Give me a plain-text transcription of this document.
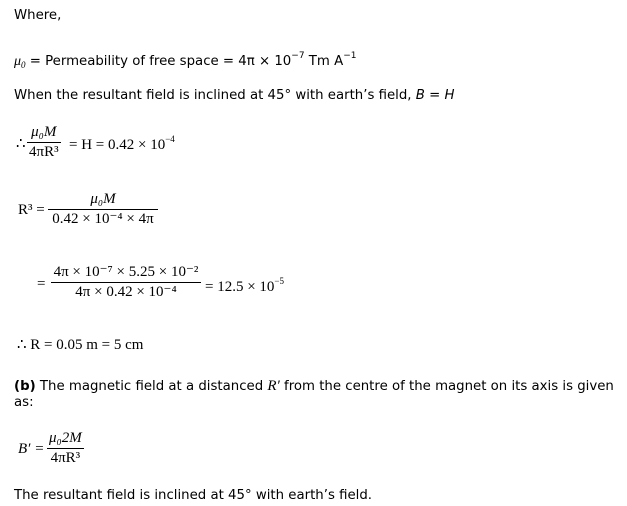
Where,
$\mu_0$ = Permeability of free space = $4\pi \times 10^{-7}$ Tm $A^{-1}$
When the resultant field is inclined at 45° with earth’s field, B = H
∴ $\frac{\text{μ₀M}}{\text{4πR³}} = H = 0.42 \times 10^{-4}$
$R^3 = \frac{\text{μ₀M}}{\text{0.42 × 10⁻⁴ × 4π}}$
= $\frac{\text{4π × 10⁻⁷ × 5.25 × 10⁻²}}{\text{4π × 0.42 × 10⁻⁴}} = 12.5 \times 10^{-5}$
∴ R = 0.05 m = 5 cm
(b) The magnetic field at a distanced R′ from the centre of the magnet on its axis is given
as:
$B' = \frac{\text{μ₀2M}}{\text{4πR³}}$
The resultant field is inclined at 45° with earth’s field.
